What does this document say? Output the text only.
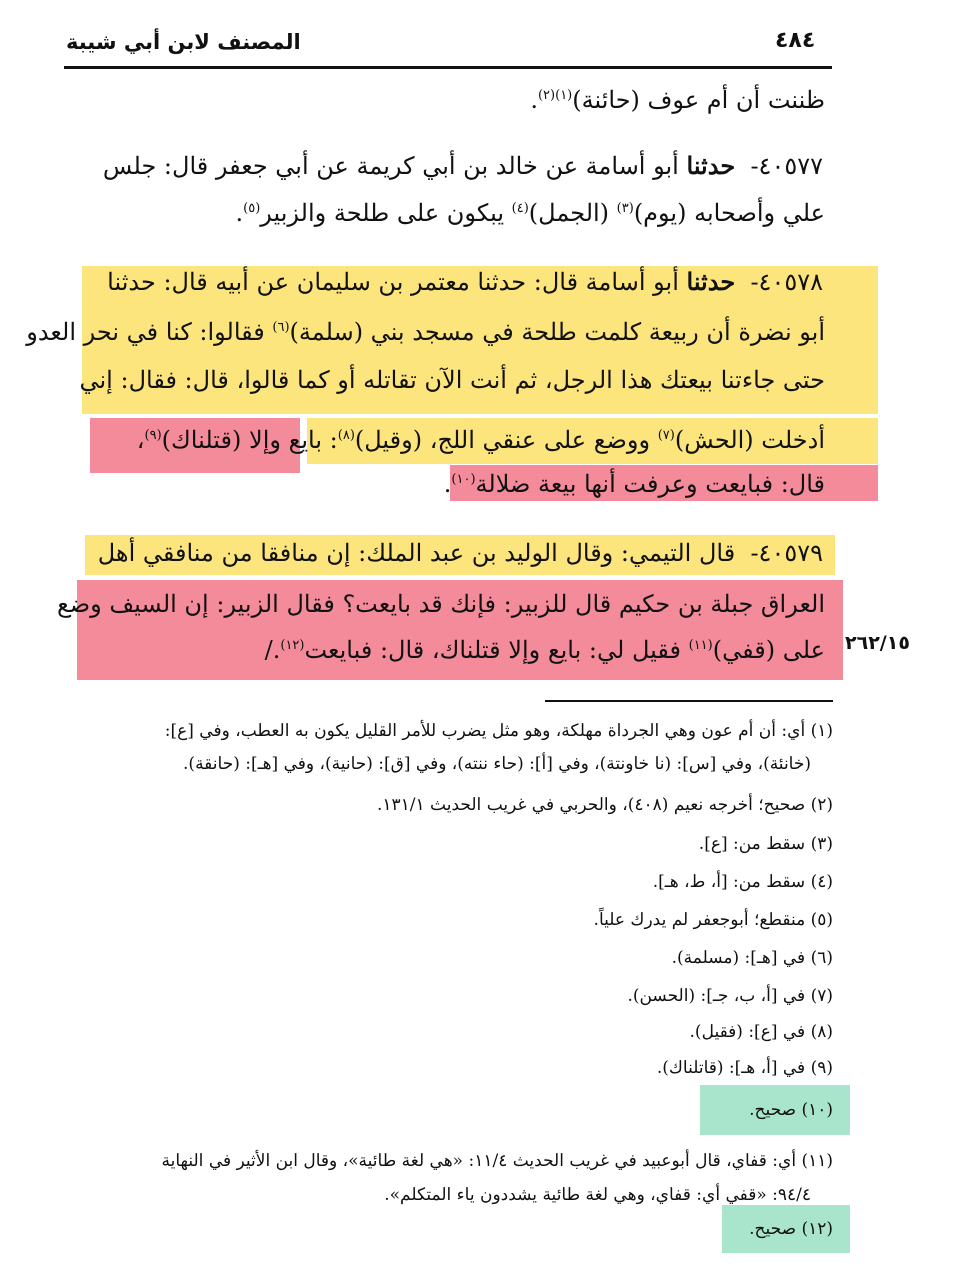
المصنف لابن أبي شيبة	٤٨٤
ظننت أن أم عوف (حائنة)$^{(١)(٢)}$.
٤٠٥٧٧-  حدثنا أبو أسامة عن خالد بن أبي كريمة عن أبي جعفر قال: جلس
علي وأصحابه (يوم)$^{(٣)}$ (الجمل)$^{(٤)}$ يبكون على طلحة والزبير$^{(٥)}$.
٤٠٥٧٨-  حدثنا أبو أسامة قال: حدثنا معتمر بن سليمان عن أبيه قال: حدثنا
أبو نضرة أن ربيعة كلمت طلحة في مسجد بني (سلمة)$^{(٦)}$ فقالوا: كنا في نحر العدو
حتى جاءتنا بيعتك هذا الرجل، ثم أنت الآن تقاتله أو كما قالوا، قال: فقال: إني
أدخلت (الحش)$^{(٧)}$ ووضع على عنقي اللج، (وقيل)$^{(٨)}$: بايع وإلا (قتلناك)$^{(٩)}$،
قال: فبايعت وعرفت أنها بيعة ضلالة$^{(١٠)}$.
٤٠٥٧٩-  قال التيمي: وقال الوليد بن عبد الملك: إن منافقا من منافقي أهل
العراق جبلة بن حكيم قال للزبير: فإنك قد بايعت؟ فقال الزبير: إن السيف وضع
على (قفي)$^{(١١)}$ فقيل لي: بايع وإلا قتلناك، قال: فبايعت$^{(١٢)}$./	٢٦٢/١٥
(١) أي: أن أم عون وهي الجرداة مهلكة، وهو مثل يضرب للأمر القليل يكون به العطب، وفي [ع]:
(خانئة)، وفي [س]: (نا خاونتة)، وفي [أ]: (حاء ننته)، وفي [ق]: (حانية)، وفي [هـ]: (حانقة).
(٢) صحيح؛ أخرجه نعيم (٤٠٨)، والحربي في غريب الحديث ١٣١/١.
(٣) سقط من: [ع].
(٤) سقط من: [أ، ط، هـ].
(٥) منقطع؛ أبوجعفر لم يدرك علياً.
(٦) في [هـ]: (مسلمة).
(٧) في [أ، ب، جـ]: (الحسن).
(٨) في [ع]: (فقيل).
(٩) في [أ، هـ]: (قاتلناك).
(١٠) صحيح.
(١١) أي: قفاي، قال أبوعبيد في غريب الحديث ١١/٤: «هي لغة طائية»، وقال ابن الأثير في النهاية
٩٤/٤: «قفي أي: قفاي، وهي لغة طائية يشددون ياء المتكلم».
(١٢) صحيح.
